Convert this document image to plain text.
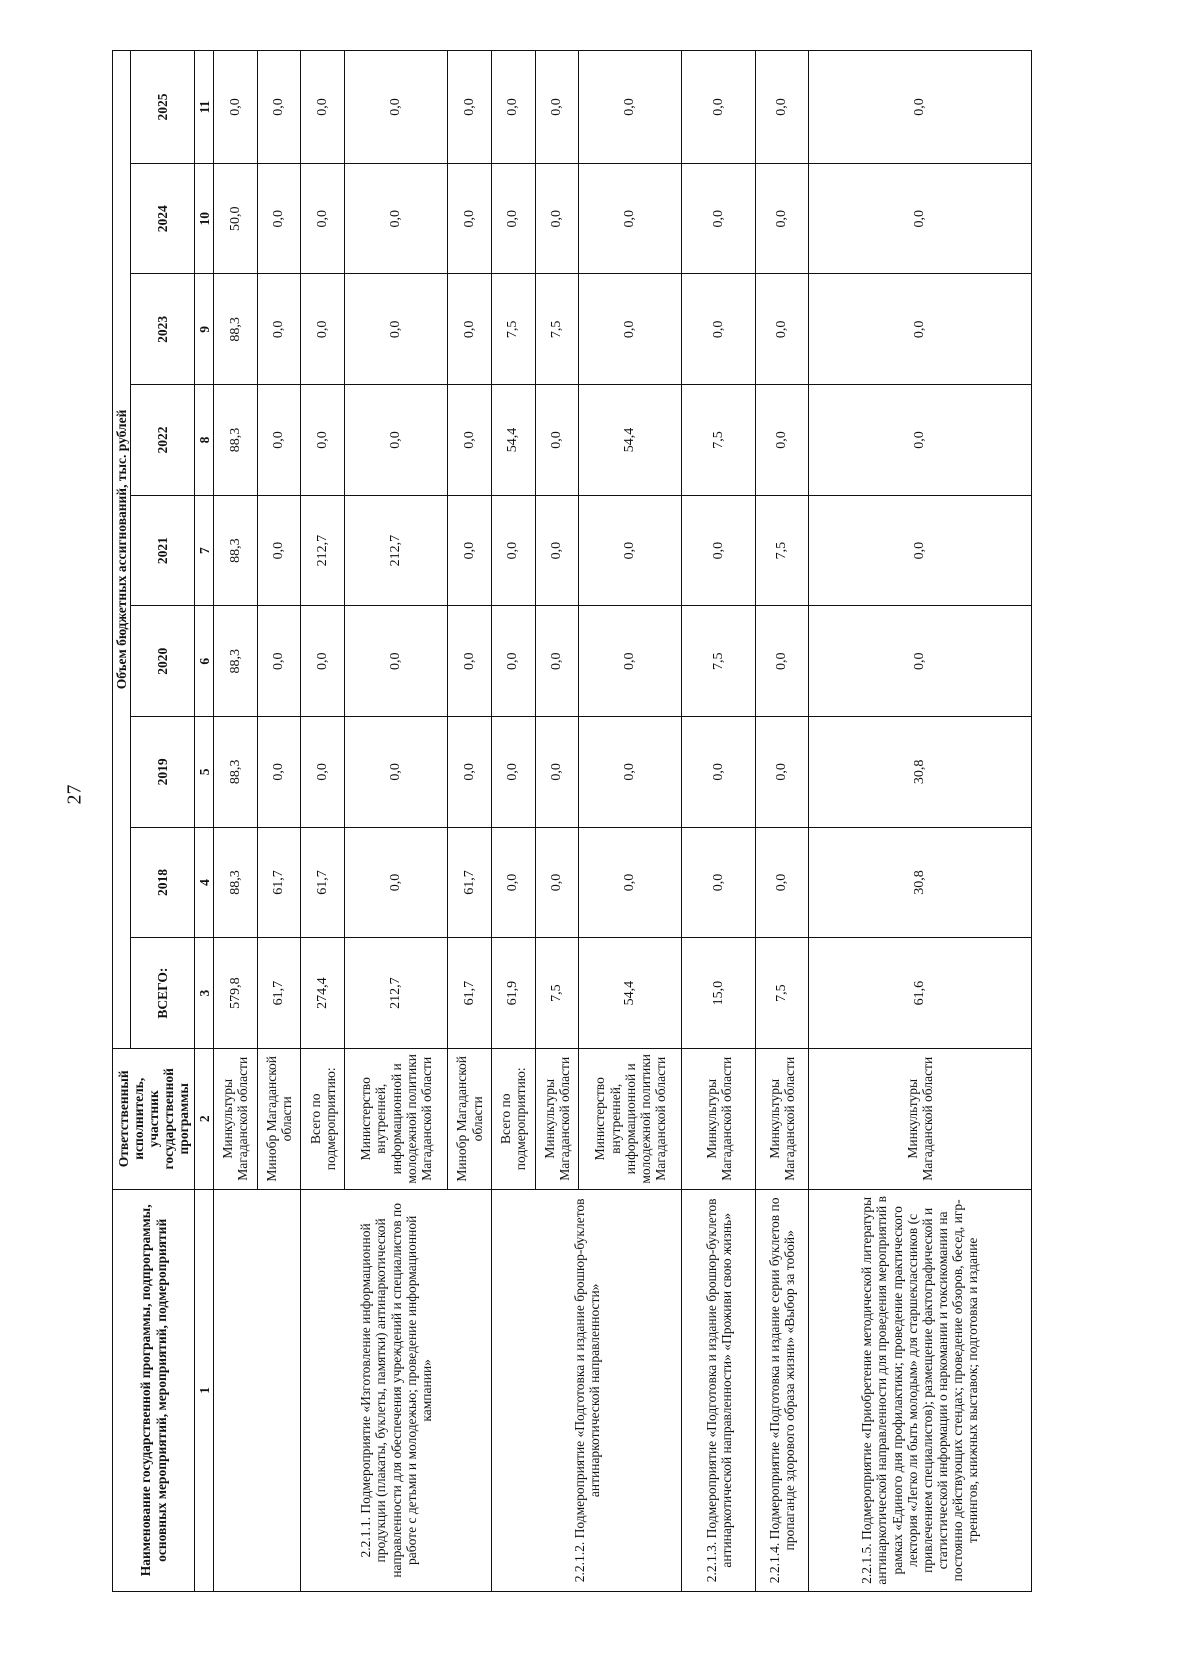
27
Наименование государственной программы, подпрограммы, основных мероприятий, мероприятий, подмероприятий	Ответственный исполнитель, участник государственной программы	Объем бюджетных ассигнований, тыс. рублей								
		ВСЕГО:	2018	2019	2020	2021	2022	2023	2024	2025
1	2	3	4	5	6	7	8	9	10	11
	Минкультуры Магаданской области	579,8	88,3	88,3	88,3	88,3	88,3	88,3	50,0	0,0
	Минобр Магаданской области	61,7	61,7	0,0	0,0	0,0	0,0	0,0	0,0	0,0
2.2.1.1. Подмероприятие «Изготовление информационной продукции (плакаты, буклеты, памятки) антинаркотической направленности для обеспечения учреждений и специалистов по работе с детьми и молодежью; проведение информационной кампании»	Всего по подмероприятию:	274,4	61,7	0,0	0,0	212,7	0,0	0,0	0,0	0,0
	Министерство внутренней, информационной и молодежной политики Магаданской области	212,7	0,0	0,0	0,0	212,7	0,0	0,0	0,0	0,0
	Минобр Магаданской области	61,7	61,7	0,0	0,0	0,0	0,0	0,0	0,0	0,0
2.2.1.2. Подмероприятие «Подготовка и издание брошюр-буклетов антинаркотической направленности»	Всего по подмероприятию:	61,9	0,0	0,0	0,0	0,0	54,4	7,5	0,0	0,0
	Минкультуры Магаданской области	7,5	0,0	0,0	0,0	0,0	0,0	7,5	0,0	0,0
	Министерство внутренней, информационной и молодежной политики Магаданской области	54,4	0,0	0,0	0,0	0,0	54,4	0,0	0,0	0,0
2.2.1.3. Подмероприятие «Подготовка и издание брошюр-буклетов антинаркотической направленности» «Проживи свою жизнь»	Минкультуры Магаданской области	15,0	0,0	0,0	7,5	0,0	7,5	0,0	0,0	0,0
2.2.1.4. Подмероприятие «Подготовка и издание серии буклетов по пропаганде здорового образа жизни» «Выбор за тобой»	Минкультуры Магаданской области	7,5	0,0	0,0	0,0	7,5	0,0	0,0	0,0	0,0
2.2.1.5. Подмероприятие «Приобретение методической литературы антинаркотической направленности для проведения мероприятий в рамках «Единого дня профилактики; проведение практического лектория «Легко ли быть молодым» для старшеклассников (с привлечением специалистов); размещение фактографической и статистической информации о наркомании и токсикомании на постоянно действующих стендах; проведение обзоров, бесед, игр-тренингов, книжных выставок; подготовка и издание	Минкультуры Магаданской области	61,6	30,8	30,8	0,0	0,0	0,0	0,0	0,0	0,0
